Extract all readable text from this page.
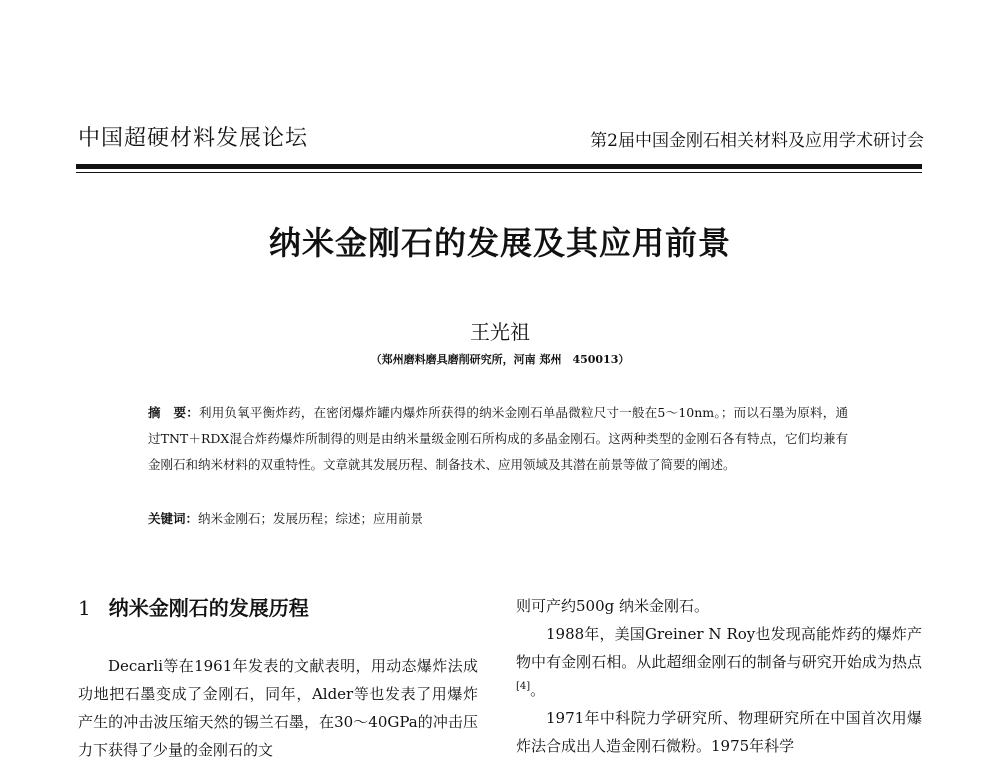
中国超硬材料发展论坛	第2届中国金刚石相关材料及应用学术研讨会
纳米金刚石的发展及其应用前景
王光祖
（郑州磨料磨具磨削研究所，河南 郑州　450013）
摘　要：利用负氧平衡炸药，在密闭爆炸罐内爆炸所获得的纳米金刚石单晶微粒尺寸一般在5～10nm。；而以石墨为原料，通过TNT＋RDX混合炸药爆炸所制得的则是由纳米量级金刚石所构成的多晶金刚石。这两种类型的金刚石各有特点，它们均兼有金刚石和纳米材料的双重特性。文章就其发展历程、制备技术、应用领域及其潜在前景等做了简要的阐述。
关键词：纳米金刚石；发展历程；综述；应用前景
1 纳米金刚石的发展历程

Decarli等在1961年发表的文献表明，用动态爆炸法成功地把石墨变成了金刚石，同年，Alder等也发表了用爆炸产生的冲击波压缩天然的锡兰石墨，在30～40GPa的冲击压力下获得了少量的金刚石的文

则可产约500g 纳米金刚石。

1988年，美国Greiner N Roy也发现高能炸药的爆炸产物中有金刚石相。从此超细金刚石的制备与研究开始成为热点[4]。

1971年中科院力学研究所、物理研究所在中国首次用爆炸法合成出人造金刚石微粉。1975年科学
